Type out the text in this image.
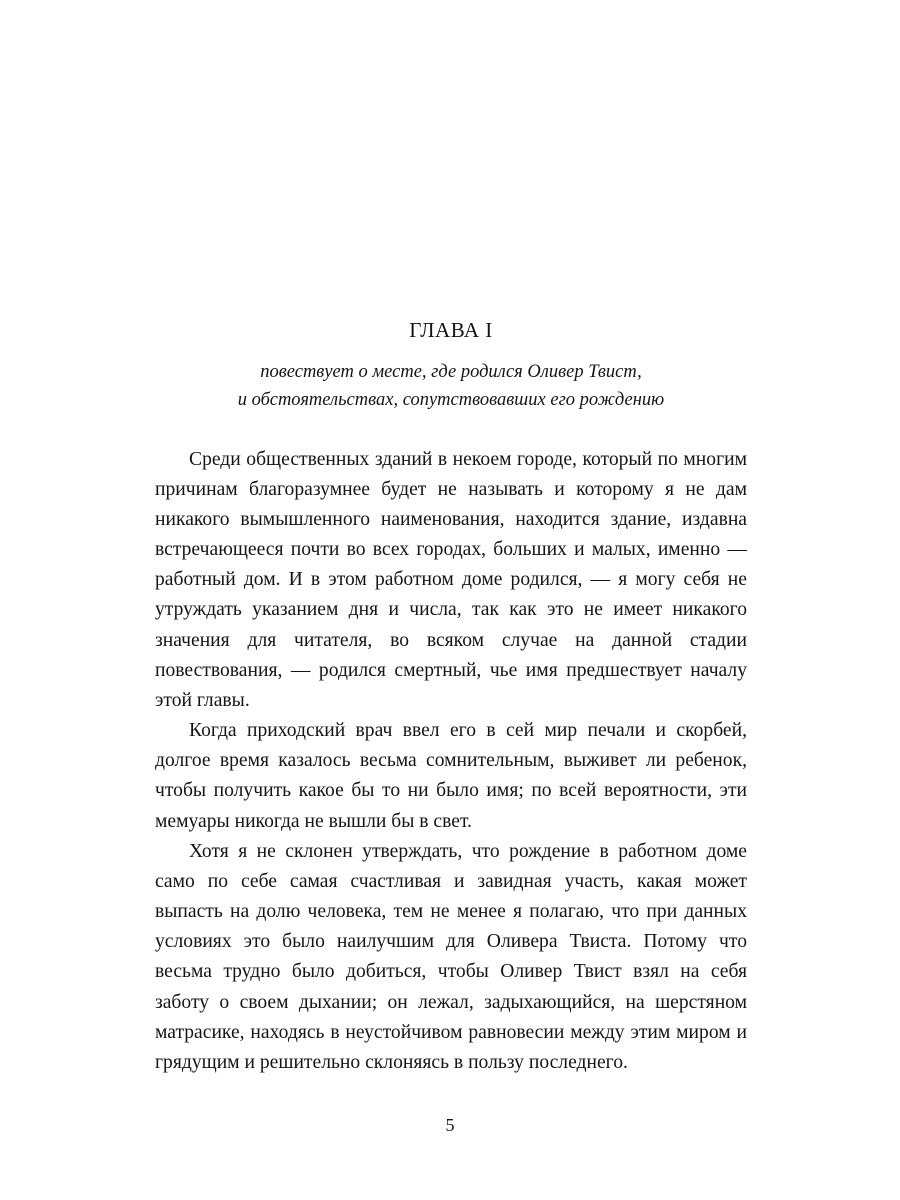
ГЛАВА I
повествует о месте, где родился Оливер Твист,
и обстоятельствах, сопутствовавших его рождению

Среди общественных зданий в некоем городе, который по многим причинам благоразумнее будет не называть и которому я не дам никакого вымышленного наименования, находится здание, издавна встречающееся почти во всех городах, больших и малых, именно — работный дом. И в этом работном доме родился, — я могу себя не утруждать указанием дня и числа, так как это не имеет никакого значения для читателя, во всяком случае на данной стадии повествования, — родился смертный, чье имя предшествует началу этой главы.

Когда приходский врач ввел его в сей мир печали и скорбей, долгое время казалось весьма сомнительным, выживет ли ребенок, чтобы получить какое бы то ни было имя; по всей вероятности, эти мемуары никогда не вышли бы в свет.

Хотя я не склонен утверждать, что рождение в работном доме само по себе самая счастливая и завидная участь, какая может выпасть на долю человека, тем не менее я полагаю, что при данных условиях это было наилучшим для Оливера Твиста. Потому что весьма трудно было добиться, чтобы Оливер Твист взял на себя заботу о своем дыхании; он лежал, задыхающийся, на шерстяном матрасике, находясь в неустойчивом равновесии между этим миром и грядущим и решительно склоняясь в пользу последнего.

5
